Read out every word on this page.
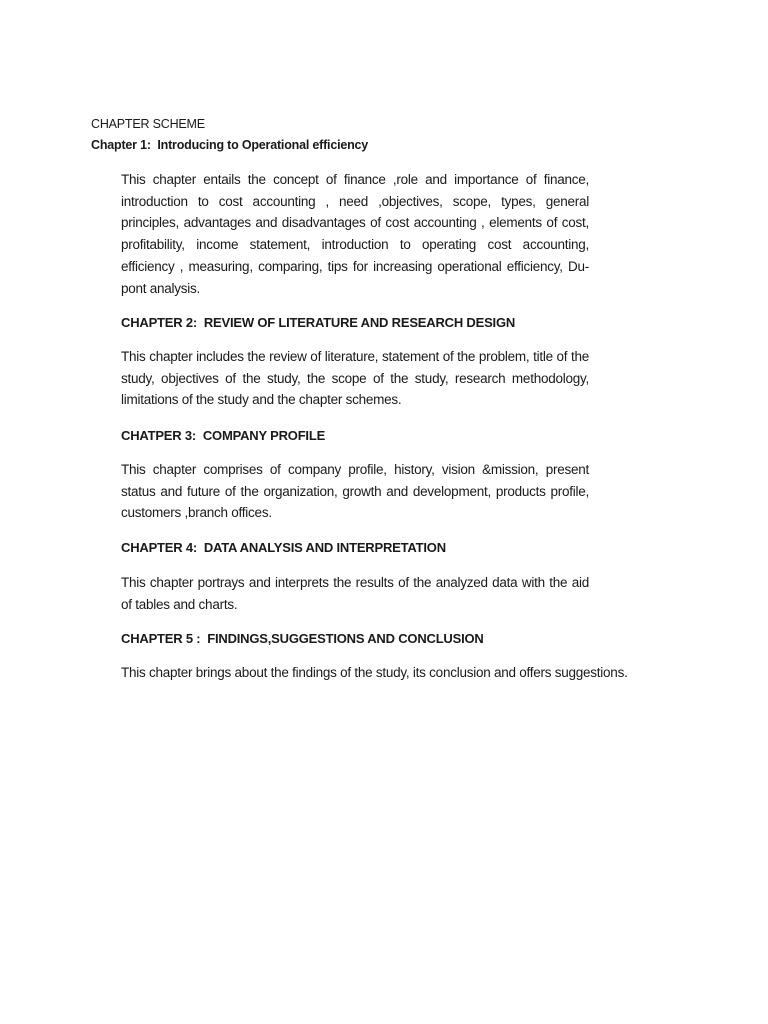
CHAPTER SCHEME
Chapter 1:  Introducing to Operational efficiency
This chapter entails the concept of finance ,role and importance of finance, introduction to cost accounting , need ,objectives, scope, types, general principles, advantages and disadvantages of cost accounting , elements of cost, profitability, income statement, introduction to operating cost accounting, efficiency , measuring, comparing, tips for increasing operational efficiency, Du-pont analysis.
CHAPTER 2:  REVIEW OF LITERATURE AND RESEARCH DESIGN
This chapter includes the review of literature, statement of the problem, title of the study, objectives of the study, the scope of the study, research methodology, limitations of the study and the chapter schemes.
CHATPER 3:  COMPANY PROFILE
This chapter comprises of company profile, history, vision &mission, present status and future of the organization, growth and development, products profile, customers ,branch offices.
CHAPTER 4:  DATA ANALYSIS AND INTERPRETATION
This chapter portrays and interprets the results of the analyzed data with the aid of tables and charts.
CHAPTER 5 :  FINDINGS,SUGGESTIONS AND CONCLUSION
This chapter brings about the findings of the study, its conclusion and offers suggestions.
